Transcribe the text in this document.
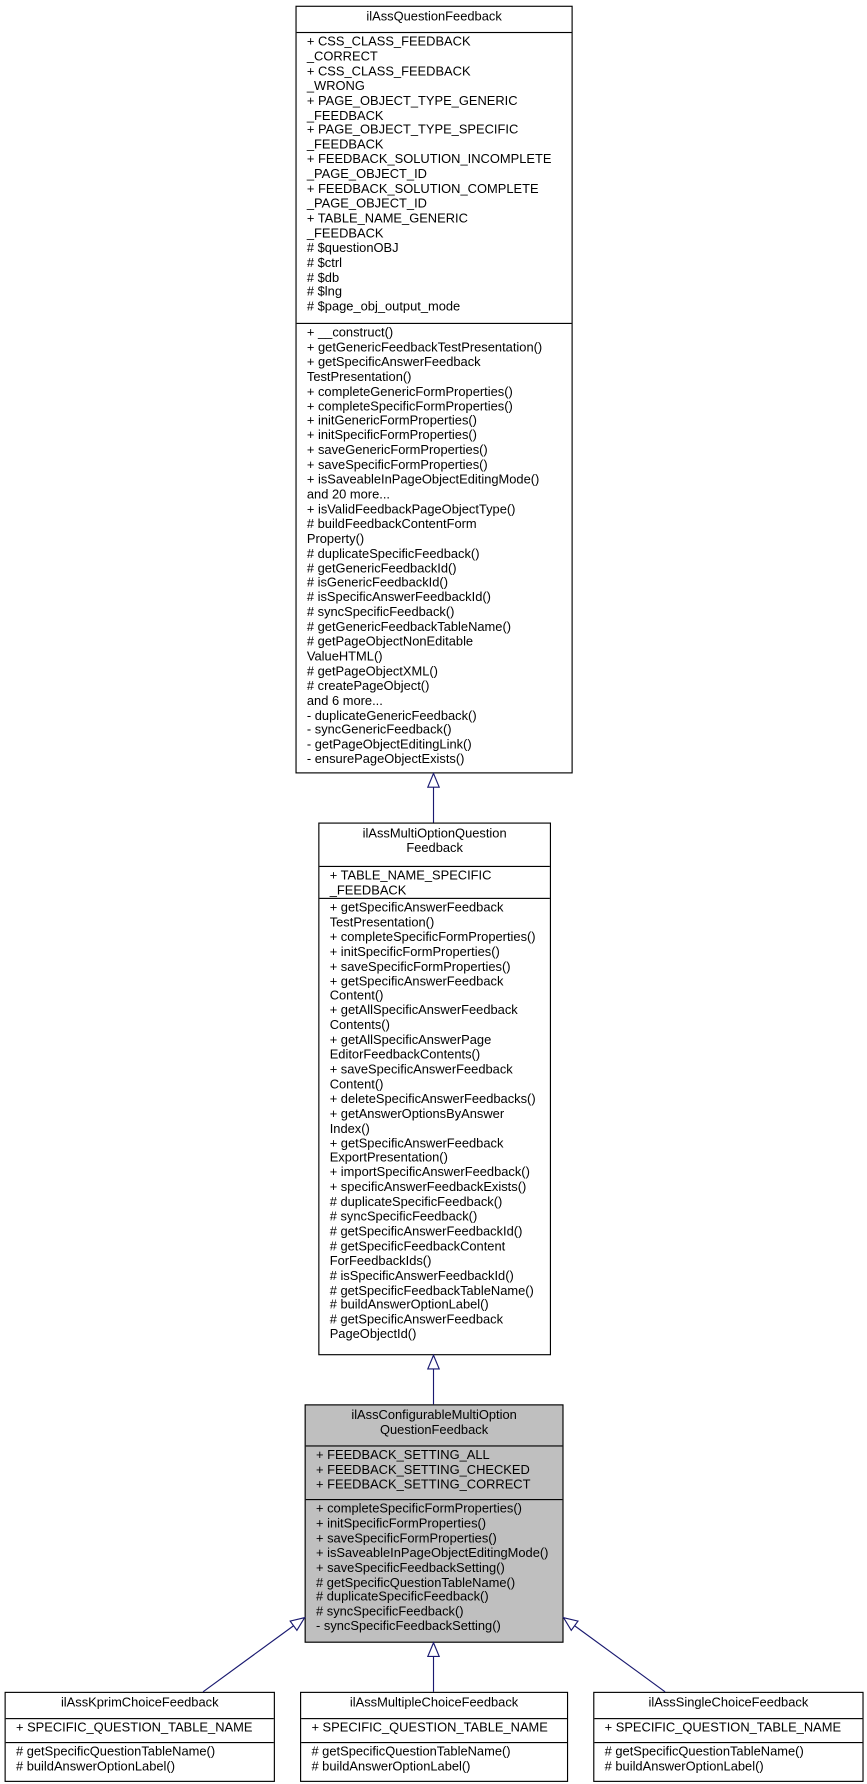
ilAssQuestionFeedback
+ CSS_CLASS_FEEDBACK
_CORRECT
+ CSS_CLASS_FEEDBACK
_WRONG
+ PAGE_OBJECT_TYPE_GENERIC
_FEEDBACK
+ PAGE_OBJECT_TYPE_SPECIFIC
_FEEDBACK
+ FEEDBACK_SOLUTION_INCOMPLETE
_PAGE_OBJECT_ID
+ FEEDBACK_SOLUTION_COMPLETE
_PAGE_OBJECT_ID
+ TABLE_NAME_GENERIC
_FEEDBACK
# $questionOBJ
# $ctrl
# $db
# $lng
# $page_obj_output_mode
+ __construct()
+ getGenericFeedbackTestPresentation()
+ getSpecificAnswerFeedback
TestPresentation()
+ completeGenericFormProperties()
+ completeSpecificFormProperties()
+ initGenericFormProperties()
+ initSpecificFormProperties()
+ saveGenericFormProperties()
+ saveSpecificFormProperties()
+ isSaveableInPageObjectEditingMode()
and 20 more...
+ isValidFeedbackPageObjectType()
# buildFeedbackContentForm
Property()
# duplicateSpecificFeedback()
# getGenericFeedbackId()
# isGenericFeedbackId()
# isSpecificAnswerFeedbackId()
# syncSpecificFeedback()
# getGenericFeedbackTableName()
# getPageObjectNonEditable
ValueHTML()
# getPageObjectXML()
# createPageObject()
and 6 more...
- duplicateGenericFeedback()
- syncGenericFeedback()
- getPageObjectEditingLink()
- ensurePageObjectExists()
ilAssMultiOptionQuestion
Feedback
+ TABLE_NAME_SPECIFIC
_FEEDBACK
+ getSpecificAnswerFeedback
TestPresentation()
+ completeSpecificFormProperties()
+ initSpecificFormProperties()
+ saveSpecificFormProperties()
+ getSpecificAnswerFeedback
Content()
+ getAllSpecificAnswerFeedback
Contents()
+ getAllSpecificAnswerPage
EditorFeedbackContents()
+ saveSpecificAnswerFeedback
Content()
+ deleteSpecificAnswerFeedbacks()
+ getAnswerOptionsByAnswer
Index()
+ getSpecificAnswerFeedback
ExportPresentation()
+ importSpecificAnswerFeedback()
+ specificAnswerFeedbackExists()
# duplicateSpecificFeedback()
# syncSpecificFeedback()
# getSpecificAnswerFeedbackId()
# getSpecificFeedbackContent
ForFeedbackIds()
# isSpecificAnswerFeedbackId()
# getSpecificFeedbackTableName()
# buildAnswerOptionLabel()
# getSpecificAnswerFeedback
PageObjectId()
ilAssConfigurableMultiOption
QuestionFeedback
+ FEEDBACK_SETTING_ALL
+ FEEDBACK_SETTING_CHECKED
+ FEEDBACK_SETTING_CORRECT
+ completeSpecificFormProperties()
+ initSpecificFormProperties()
+ saveSpecificFormProperties()
+ isSaveableInPageObjectEditingMode()
+ saveSpecificFeedbackSetting()
# getSpecificQuestionTableName()
# duplicateSpecificFeedback()
# syncSpecificFeedback()
- syncSpecificFeedbackSetting()
ilAssKprimChoiceFeedback
+ SPECIFIC_QUESTION_TABLE_NAME
# getSpecificQuestionTableName()
# buildAnswerOptionLabel()
ilAssMultipleChoiceFeedback
+ SPECIFIC_QUESTION_TABLE_NAME
# getSpecificQuestionTableName()
# buildAnswerOptionLabel()
ilAssSingleChoiceFeedback
+ SPECIFIC_QUESTION_TABLE_NAME
# getSpecificQuestionTableName()
# buildAnswerOptionLabel()
